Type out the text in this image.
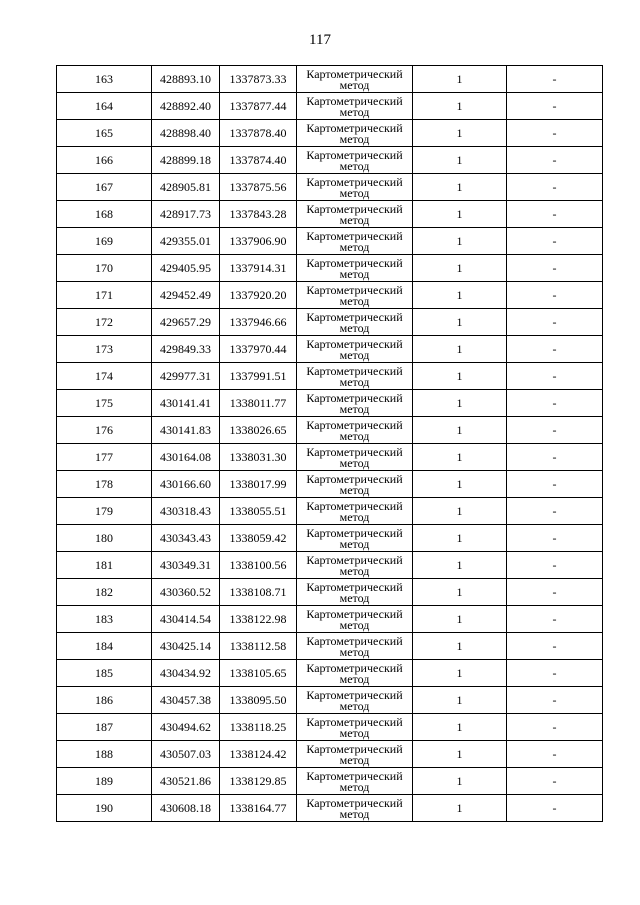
117
163	428893.10	1337873.33	Картометрический метод	1	-
164	428892.40	1337877.44	Картометрический метод	1	-
165	428898.40	1337878.40	Картометрический метод	1	-
166	428899.18	1337874.40	Картометрический метод	1	-
167	428905.81	1337875.56	Картометрический метод	1	-
168	428917.73	1337843.28	Картометрический метод	1	-
169	429355.01	1337906.90	Картометрический метод	1	-
170	429405.95	1337914.31	Картометрический метод	1	-
171	429452.49	1337920.20	Картометрический метод	1	-
172	429657.29	1337946.66	Картометрический метод	1	-
173	429849.33	1337970.44	Картометрический метод	1	-
174	429977.31	1337991.51	Картометрический метод	1	-
175	430141.41	1338011.77	Картометрический метод	1	-
176	430141.83	1338026.65	Картометрический метод	1	-
177	430164.08	1338031.30	Картометрический метод	1	-
178	430166.60	1338017.99	Картометрический метод	1	-
179	430318.43	1338055.51	Картометрический метод	1	-
180	430343.43	1338059.42	Картометрический метод	1	-
181	430349.31	1338100.56	Картометрический метод	1	-
182	430360.52	1338108.71	Картометрический метод	1	-
183	430414.54	1338122.98	Картометрический метод	1	-
184	430425.14	1338112.58	Картометрический метод	1	-
185	430434.92	1338105.65	Картометрический метод	1	-
186	430457.38	1338095.50	Картометрический метод	1	-
187	430494.62	1338118.25	Картометрический метод	1	-
188	430507.03	1338124.42	Картометрический метод	1	-
189	430521.86	1338129.85	Картометрический метод	1	-
190	430608.18	1338164.77	Картометрический метод	1	-
